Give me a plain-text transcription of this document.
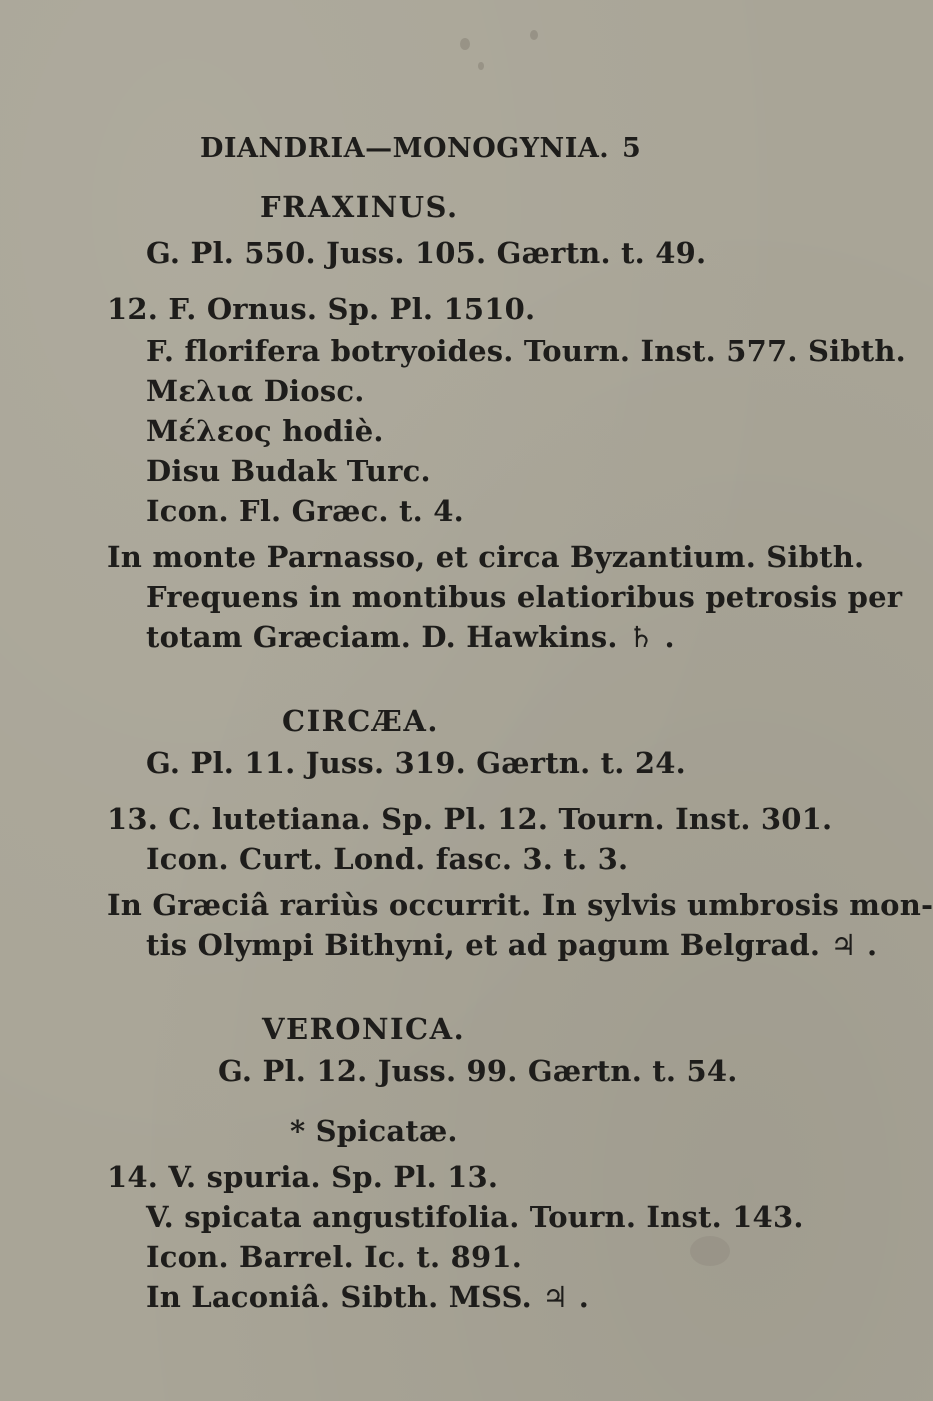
DIANDRIA—MONOGYNIA. 5
FRAXINUS.
G. Pl. 550. Juss. 105. Gærtn. t. 49.
12. F. Ornus. Sp. Pl. 1510.
F. florifera botryoides. Tourn. Inst. 577. Sibth.
Μελια Diosc.
Μέλεος hodiè.
Disu Budak Turc.
Icon. Fl. Græc. t. 4.
In monte Parnasso, et circa Byzantium. Sibth.
Frequens in montibus elatioribus petrosis per
totam Græciam. D. Hawkins. ♄ .
CIRCÆA.
G. Pl. 11. Juss. 319. Gærtn. t. 24.
13. C. lutetiana. Sp. Pl. 12. Tourn. Inst. 301.
Icon. Curt. Lond. fasc. 3. t. 3.
In Græciâ rariùs occurrit. In sylvis umbrosis mon-
tis Olympi Bithyni, et ad pagum Belgrad. ♃ .
VERONICA.
G. Pl. 12. Juss. 99. Gærtn. t. 54.
* Spicatæ.
14. V. spuria. Sp. Pl. 13.
V. spicata angustifolia. Tourn. Inst. 143.
Icon. Barrel. Ic. t. 891.
In Laconiâ. Sibth. MSS. ♃ .
